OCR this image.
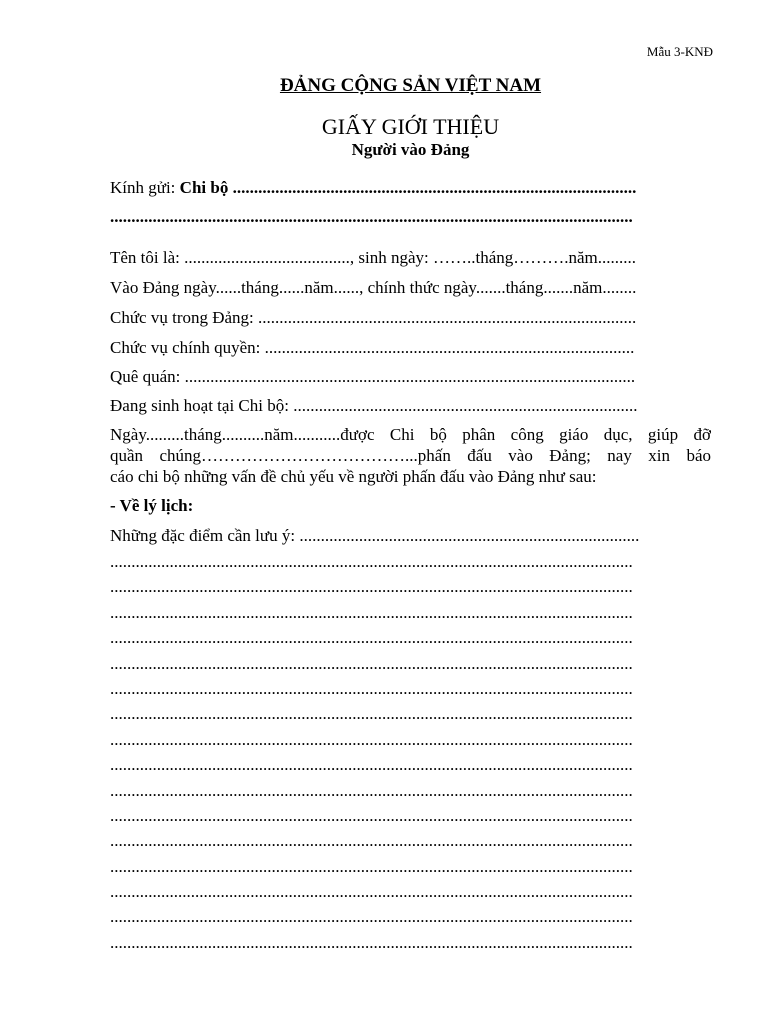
Mẫu 3-KNĐ
ĐẢNG CỘNG SẢN VIỆT NAM
GIẤY GIỚI THIỆU
Người vào Đảng
Kính gửi: Chi bộ ...............................................................................................
...........................................................................................................................
Tên tôi là: ......................................., sinh ngày: ……..tháng……….năm.........
Vào Đảng ngày......tháng......năm......, chính thức ngày.......tháng.......năm........
Chức vụ trong Đảng: .........................................................................................
Chức vụ chính quyền: .......................................................................................
Quê quán: ..........................................................................................................
Đang sinh hoạt tại Chi bộ: .................................................................................
Ngày.........tháng..........năm...........được Chi bộ phân công giáo dục, giúp đỡ
quần chúng………………………………...phấn đấu vào Đảng; nay xin báo
cáo chi bộ những vấn đề chủ yếu về người phấn đấu vào Đảng như sau:
- Về lý lịch:
Những đặc điểm cần lưu ý: ................................................................................
...........................................................................................................................
...........................................................................................................................
...........................................................................................................................
...........................................................................................................................
...........................................................................................................................
...........................................................................................................................
...........................................................................................................................
...........................................................................................................................
...........................................................................................................................
...........................................................................................................................
...........................................................................................................................
...........................................................................................................................
...........................................................................................................................
...........................................................................................................................
...........................................................................................................................
...........................................................................................................................
